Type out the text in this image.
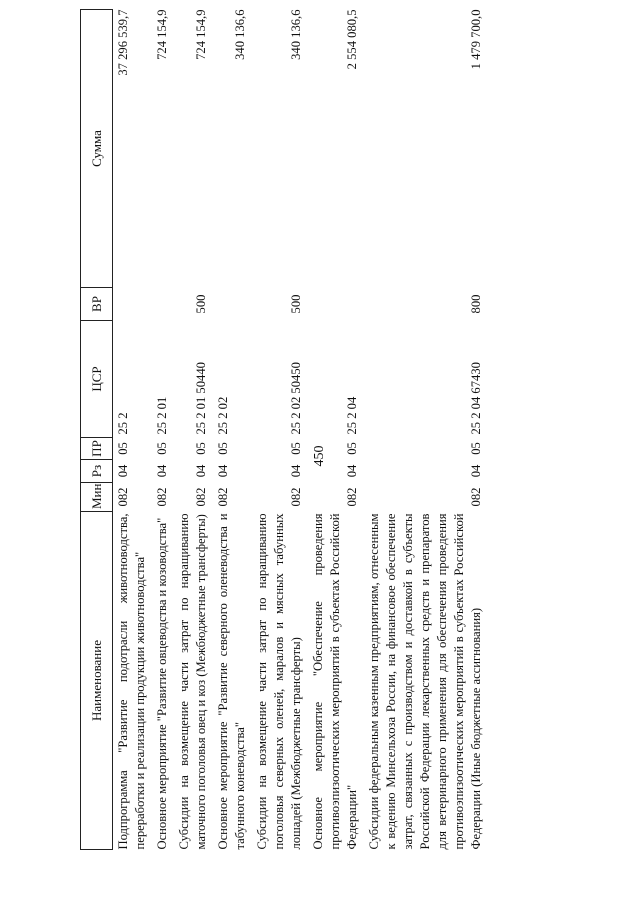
450
Наименование	Мин	Рз	ПР	ЦСР	ВР	Сумма
Подпрограмма "Развитие подотрасли животноводства, переработки и реализации продукции животноводства"	082	04	05	25 2		37 296 539,7
Основное мероприятие "Развитие овцеводства и козоводства"	082	04	05	25 2 01		724 154,9
Субсидии на возмещение части затрат по наращиванию маточного поголовья овец и коз (Межбюджетные трансферты)	082	04	05	25 2 01 50440	500	724 154,9
Основное мероприятие "Развитие северного оленеводства и табунного коневодства"	082	04	05	25 2 02		340 136,6
Субсидии на возмещение части затрат по наращиванию поголовья северных оленей, маралов и мясных табунных лошадей (Межбюджетные трансферты)	082	04	05	25 2 02 50450	500	340 136,6
Основное мероприятие "Обеспечение проведения противоэпизоотических мероприятий в субъектах Российской Федерации"	082	04	05	25 2 04		2 554 080,5
Субсидии федеральным казенным предприятиям, отнесенным к ведению Минсельхоза России, на финансовое обеспечение затрат, связанных с производством и доставкой в субъекты Российской Федерации лекарственных средств и препаратов для ветеринарного применения для обеспечения проведения противоэпизоотических мероприятий в субъектах Российской Федерации (Иные бюджетные ассигнования)	082	04	05	25 2 04 67430	800	1 479 700,0
